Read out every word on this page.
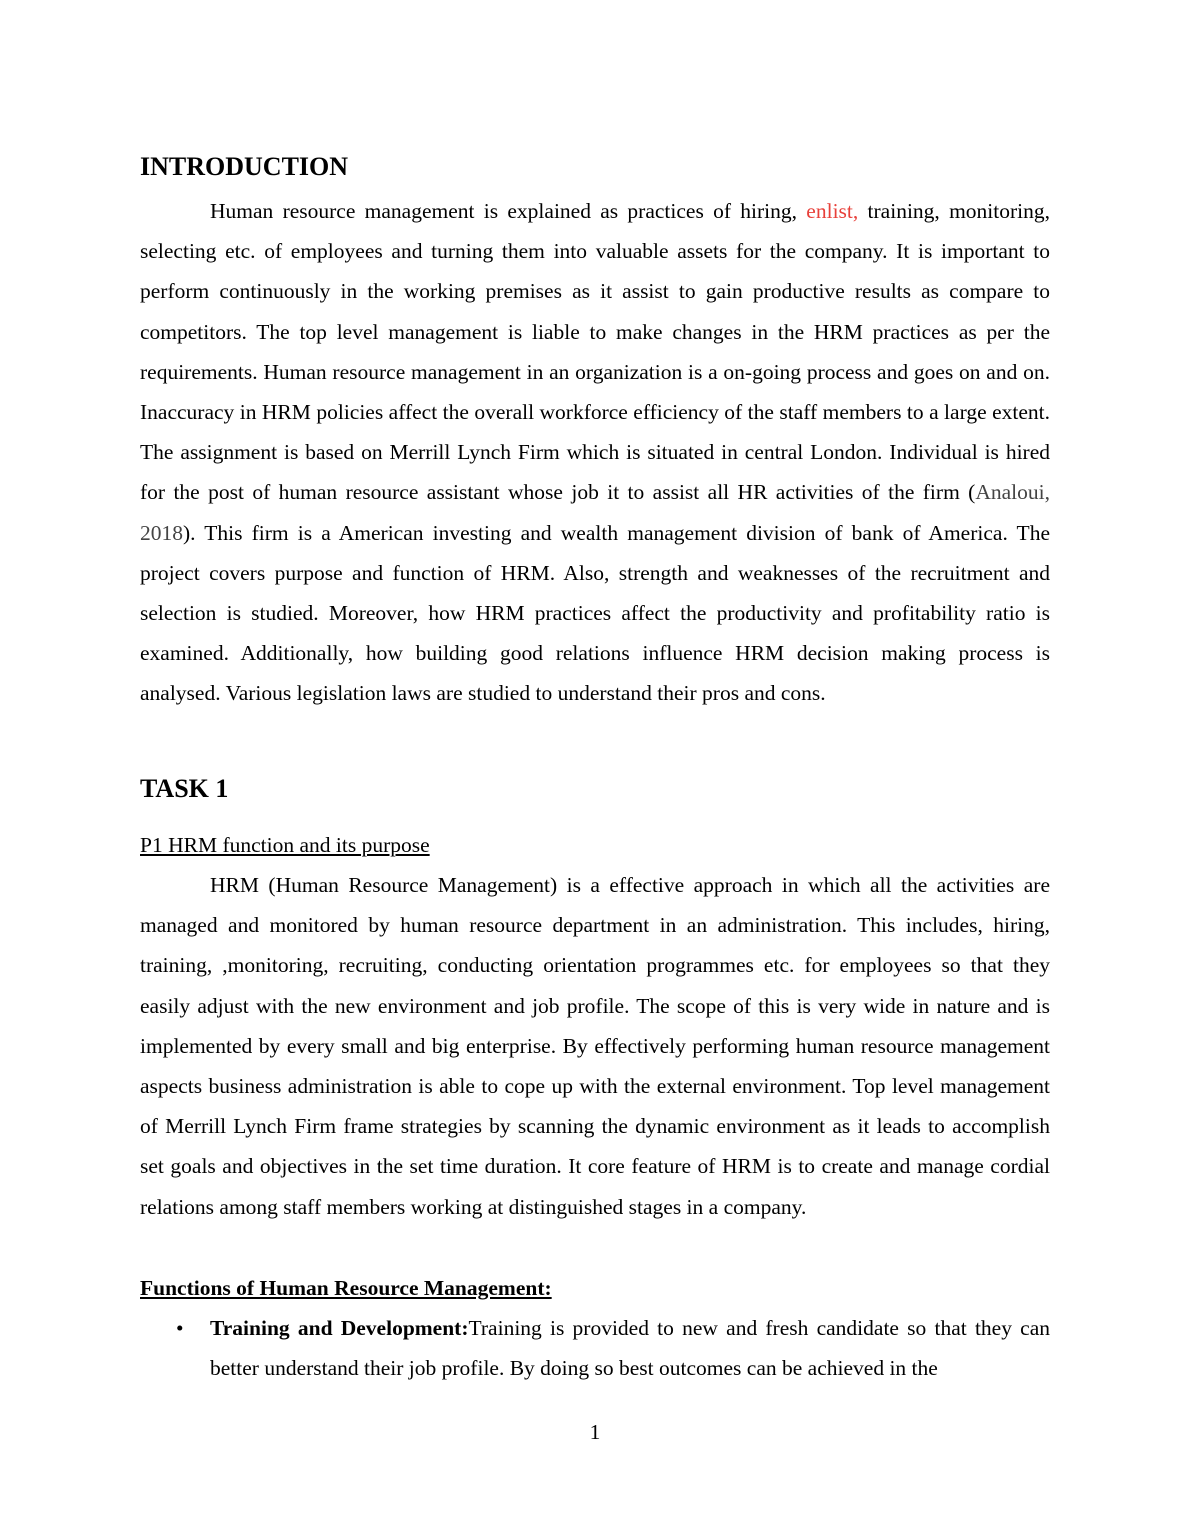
INTRODUCTION

Human resource management is explained as practices of hiring, enlist, training, monitoring, selecting etc. of employees and turning them into valuable assets for the company. It is important to perform continuously in the working premises as it assist to gain productive results as compare to competitors. The top level management is liable to make changes in the HRM practices as per the requirements. Human resource management in an organization is a on-going process and goes on and on. Inaccuracy in HRM policies affect the overall workforce efficiency of the staff members to a large extent. The assignment is based on Merrill Lynch Firm which is situated in central London. Individual is hired for the post of human resource assistant whose job it to assist all HR activities of the firm (Analoui, 2018). This firm is a American investing and wealth management division of bank of America. The project covers purpose and function of HRM. Also, strength and weaknesses of the recruitment and selection is studied. Moreover, how HRM practices affect the productivity and profitability ratio is examined. Additionally, how building good relations influence HRM decision making process is analysed. Various legislation laws are studied to understand their pros and cons.

TASK 1

P1 HRM function and its purpose

HRM (Human Resource Management) is a effective approach in which all the activities are managed and monitored by human resource department in an administration. This includes, hiring, training, ,monitoring, recruiting, conducting orientation programmes etc. for employees so that they easily adjust with the new environment and job profile. The scope of this is very wide in nature and is implemented by every small and big enterprise. By effectively performing human resource management aspects business administration is able to cope up with the external environment. Top level management of Merrill Lynch Firm frame strategies by scanning the dynamic environment as it leads to accomplish set goals and objectives in the set time duration. It core feature of HRM is to create and manage cordial relations among staff members working at distinguished stages in a company.

Functions of Human Resource Management:

• Training and Development:Training is provided to new and fresh candidate so that they can better understand their job profile. By doing so best outcomes can be achieved in the
1
